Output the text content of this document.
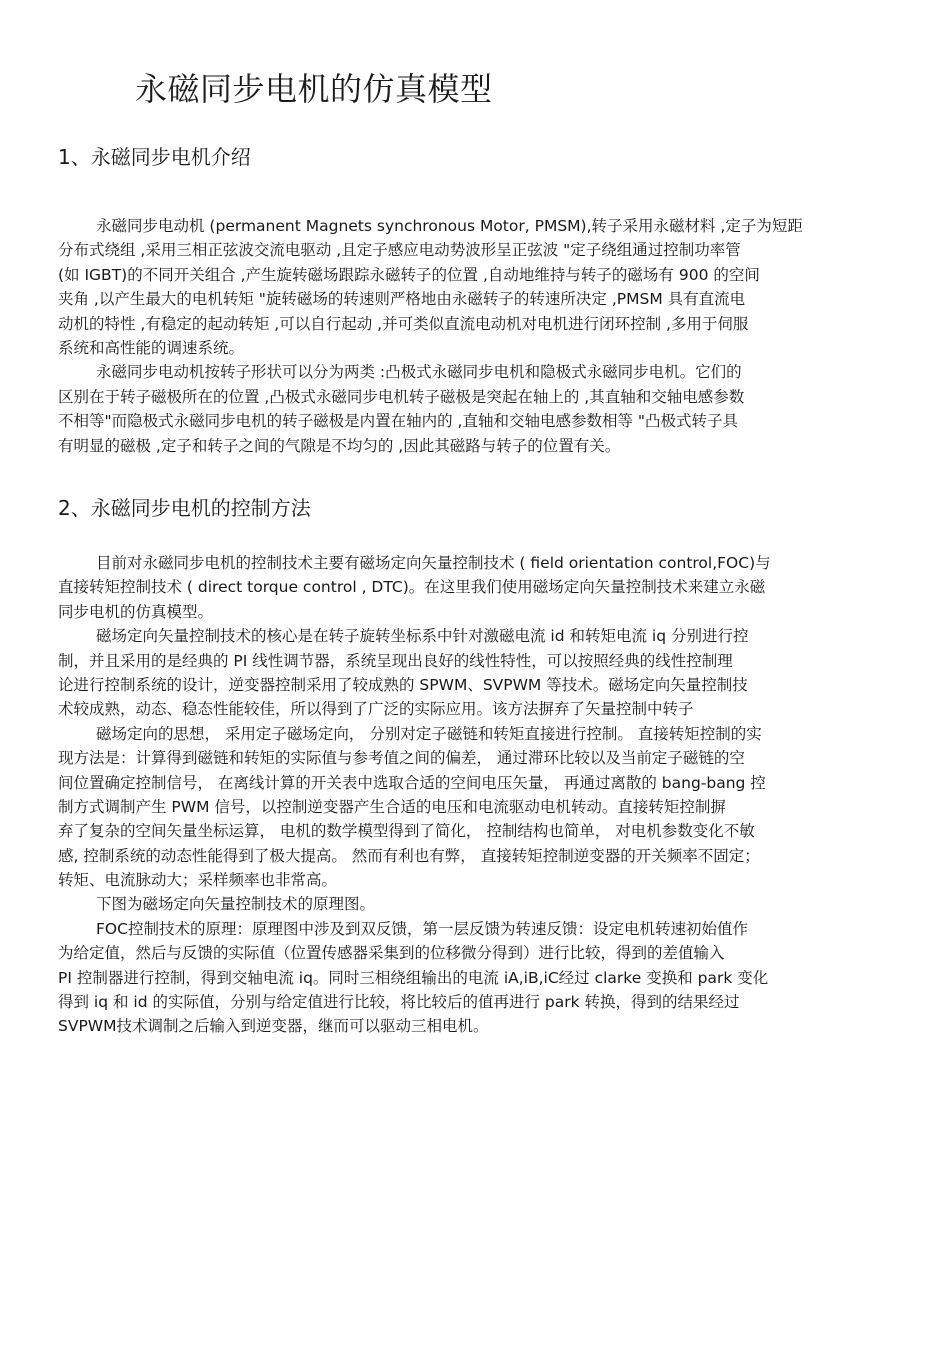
永磁同步电机的仿真模型
1、永磁同步电机介绍
永磁同步电动机 (permanent Magnets synchronous Motor, PMSM),转子采用永磁材料 ,定子为短距
分布式绕组 ,采用三相正弦波交流电驱动 ,且定子感应电动势波形呈正弦波 "定子绕组通过控制功率管
(如 IGBT)的不同开关组合 ,产生旋转磁场跟踪永磁转子的位置 ,自动地维持与转子的磁场有 900 的空间
夹角 ,以产生最大的电机转矩 "旋转磁场的转速则严格地由永磁转子的转速所决定 ,PMSM 具有直流电
动机的特性 ,有稳定的起动转矩 ,可以自行起动 ,并可类似直流电动机对电机进行闭环控制 ,多用于伺服
系统和高性能的调速系统。
永磁同步电动机按转子形状可以分为两类 :凸极式永磁同步电机和隐极式永磁同步电机。它们的
区别在于转子磁极所在的位置 ,凸极式永磁同步电机转子磁极是突起在轴上的 ,其直轴和交轴电感参数
不相等"而隐极式永磁同步电机的转子磁极是内置在轴内的 ,直轴和交轴电感参数相等 "凸极式转子具
有明显的磁极 ,定子和转子之间的气隙是不均匀的 ,因此其磁路与转子的位置有关。
2、永磁同步电机的控制方法
目前对永磁同步电机的控制技术主要有磁场定向矢量控制技术 ( field orientation control,FOC)与
直接转矩控制技术 ( direct torque control , DTC)。在这里我们使用磁场定向矢量控制技术来建立永磁
同步电机的仿真模型。
磁场定向矢量控制技术的核心是在转子旋转坐标系中针对激磁电流 id 和转矩电流 iq 分别进行控
制，并且采用的是经典的 PI 线性调节器，系统呈现出良好的线性特性，可以按照经典的线性控制理
论进行控制系统的设计，逆变器控制采用了较成熟的 SPWM、SVPWM 等技术。磁场定向矢量控制技
术较成熟，动态、稳态性能较佳，所以得到了广泛的实际应用。该方法摒弃了矢量控制中转子
磁场定向的思想， 采用定子磁场定向， 分别对定子磁链和转矩直接进行控制。 直接转矩控制的实
现方法是：计算得到磁链和转矩的实际值与参考值之间的偏差， 通过滞环比较以及当前定子磁链的空
间位置确定控制信号， 在离线计算的开关表中选取合适的空间电压矢量， 再通过离散的 bang-bang 控
制方式调制产生 PWM 信号，以控制逆变器产生合适的电压和电流驱动电机转动。直接转矩控制摒
弃了复杂的空间矢量坐标运算， 电机的数学模型得到了简化， 控制结构也简单， 对电机参数变化不敏
感, 控制系统的动态性能得到了极大提高。 然而有利也有弊， 直接转矩控制逆变器的开关频率不固定；
转矩、电流脉动大；采样频率也非常高。
下图为磁场定向矢量控制技术的原理图。
FOC控制技术的原理：原理图中涉及到双反馈，第一层反馈为转速反馈：设定电机转速初始值作
为给定值，然后与反馈的实际值（位置传感器采集到的位移微分得到）进行比较，得到的差值输入
PI 控制器进行控制，得到交轴电流 iq。同时三相绕组输出的电流 iA,iB,iC经过 clarke 变换和 park 变化
得到 iq 和 id 的实际值，分别与给定值进行比较，将比较后的值再进行 park 转换，得到的结果经过
SVPWM技术调制之后输入到逆变器，继而可以驱动三相电机。
